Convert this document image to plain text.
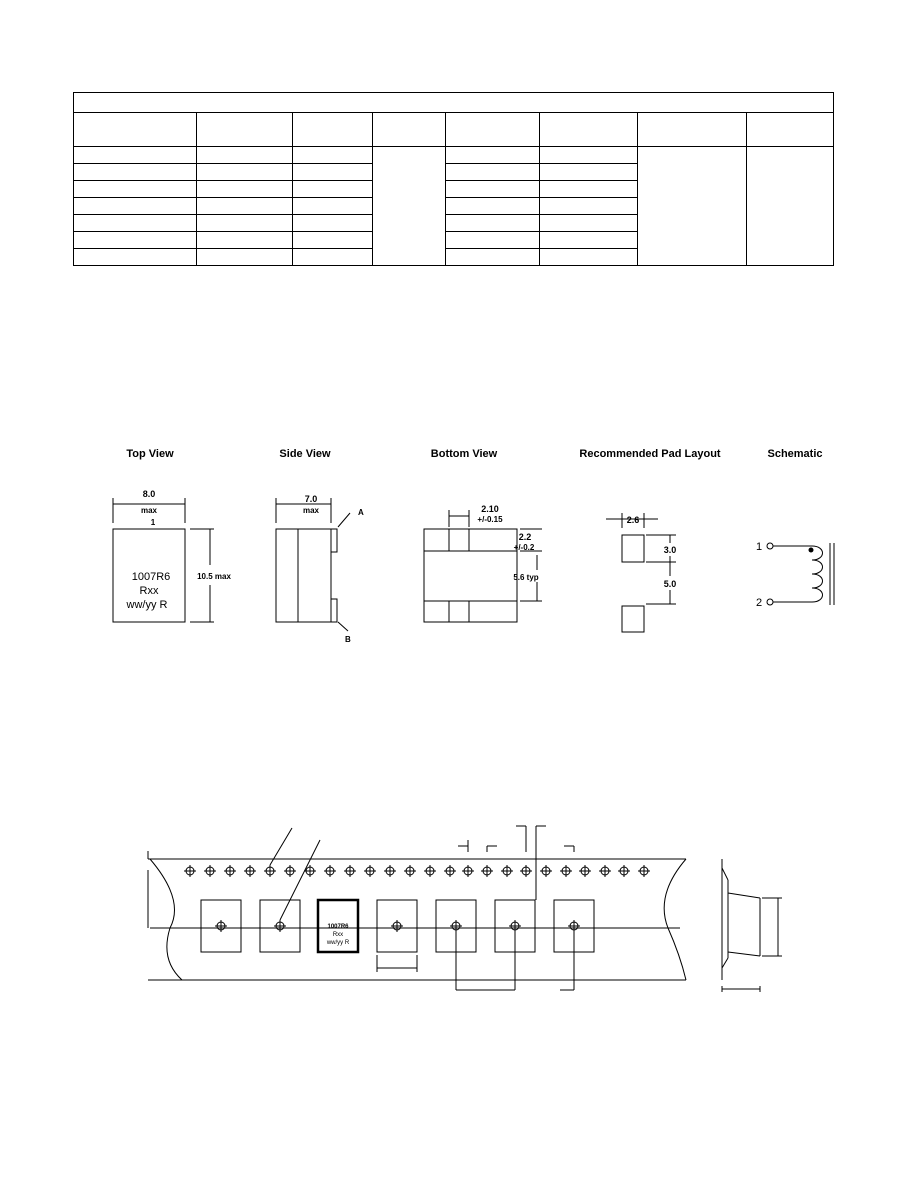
Top View	Side View	Bottom View	Recommended Pad Layout	Schematic
8.0
max
1
10.5 max
1007R6
Rxx
ww/yy R
7.0
max	A
B
2.10
+/-0.15
2.2
+/-0.2
5.6 typ
2.6
3.0
5.0
1
2
1007R6
Rxx
ww/yy R
